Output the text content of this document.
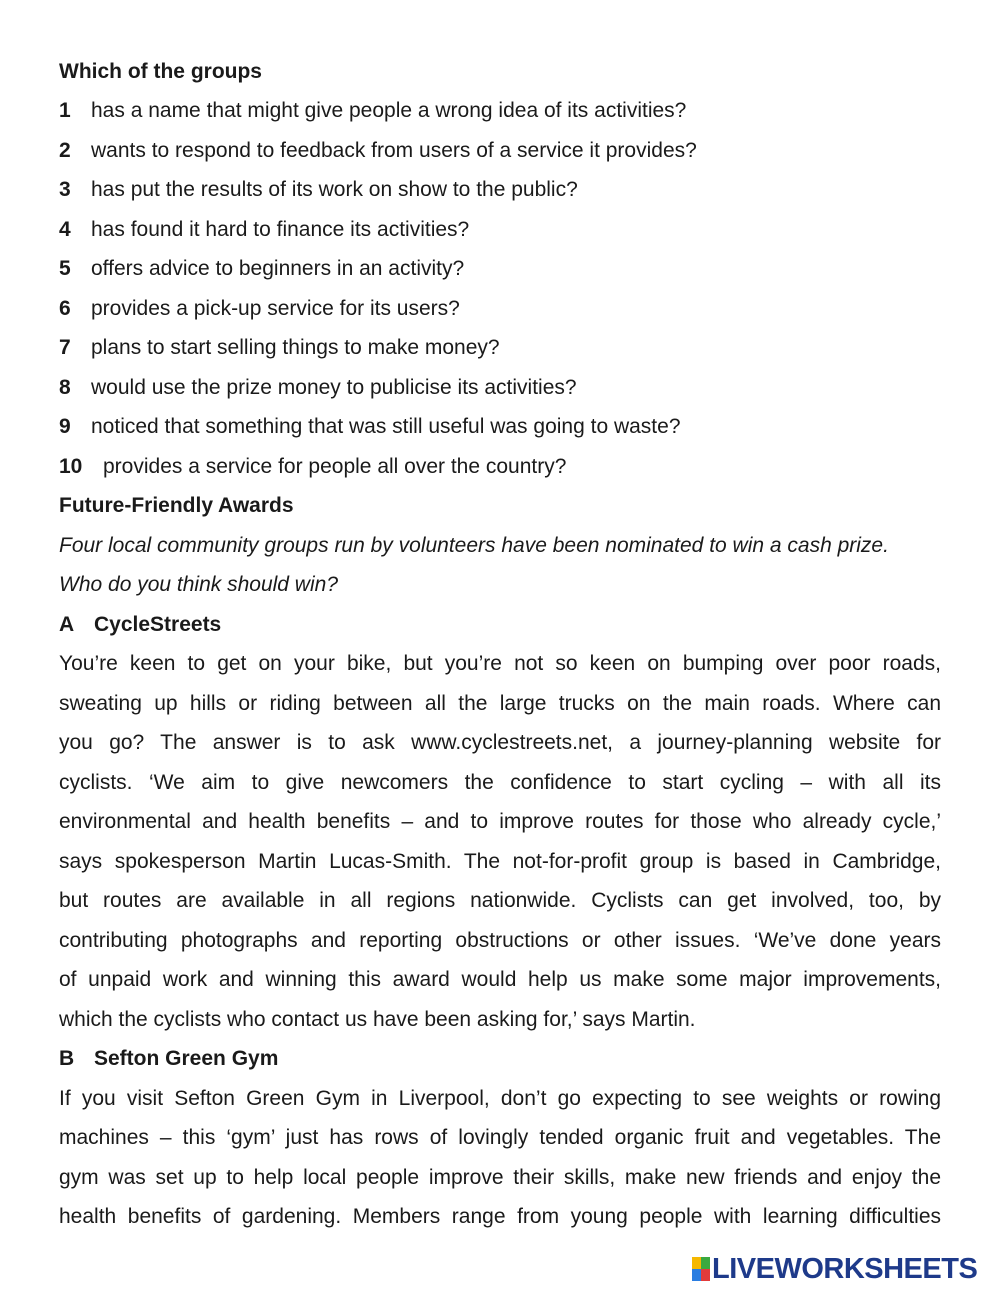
Which of the groups
1 has a name that might give people a wrong idea of its activities?
2 wants to respond to feedback from users of a service it provides?
3 has put the results of its work on show to the public?
4 has found it hard to finance its activities?
5 offers advice to beginners in an activity?
6 provides a pick-up service for its users?
7 plans to start selling things to make money?
8 would use the prize money to publicise its activities?
9 noticed that something that was still useful was going to waste?
10 provides a service for people all over the country?
Future-Friendly Awards
Four local community groups run by volunteers have been nominated to win a cash prize.
Who do you think should win?
A CycleStreets
You’re keen to get on your bike, but you’re not so keen on bumping over poor roads,
sweating up hills or riding between all the large trucks on the main roads. Where can
you go? The answer is to ask www.cyclestreets.net, a journey-planning website for
cyclists. ‘We aim to give newcomers the confidence to start cycling – with all its
environmental and health benefits – and to improve routes for those who already cycle,’
says spokesperson Martin Lucas-Smith. The not-for-profit group is based in Cambridge,
but routes are available in all regions nationwide. Cyclists can get involved, too, by
contributing photographs and reporting obstructions or other issues. ‘We’ve done years
of unpaid work and winning this award would help us make some major improvements,
which the cyclists who contact us have been asking for,’ says Martin.
B Sefton Green Gym
If you visit Sefton Green Gym in Liverpool, don’t go expecting to see weights or rowing
machines – this ‘gym’ just has rows of lovingly tended organic fruit and vegetables. The
gym was set up to help local people improve their skills, make new friends and enjoy the
health benefits of gardening. Members range from young people with learning difficulties
LIVEWORKSHEETS
